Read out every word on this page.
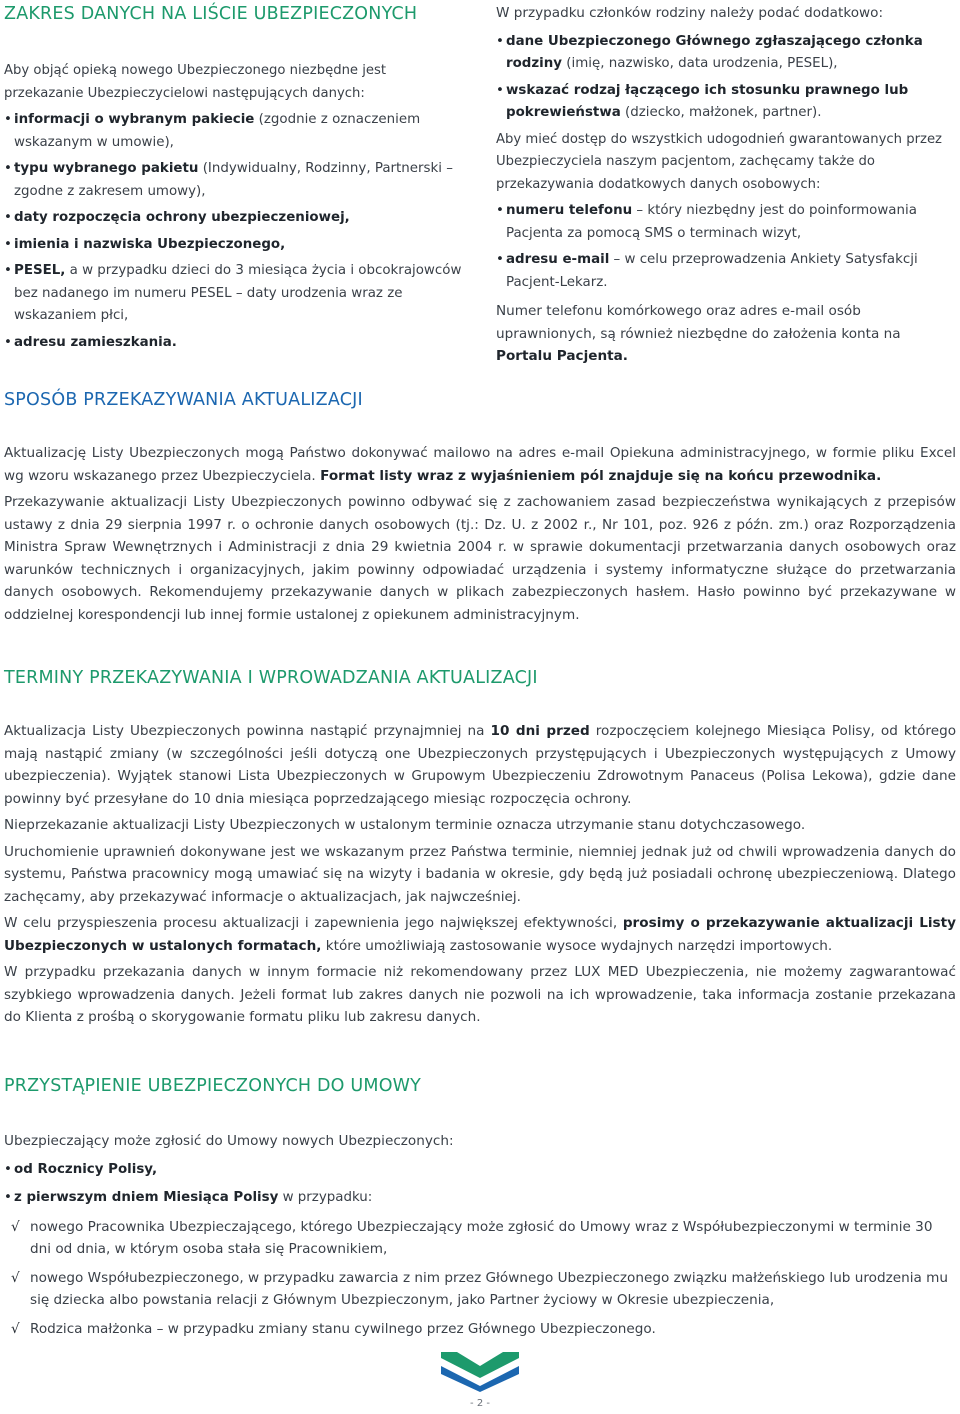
ZAKRES DANYCH NA LIŚCIE UBEZPIECZONYCH

Aby objąć opieką nowego Ubezpieczonego niezbędne jest przekazanie Ubezpieczycielowi następujących danych:

• informacji o wybranym pakiecie (zgodnie z oznaczeniem wskazanym w umowie),
• typu wybranego pakietu (Indywidualny, Rodzinny, Partnerski – zgodne z zakresem umowy),
• daty rozpoczęcia ochrony ubezpieczeniowej,
• imienia i nazwiska Ubezpieczonego,
• PESEL, a w przypadku dzieci do 3 miesiąca życia i obcokrajowców bez nadanego im numeru PESEL – daty urodzenia wraz ze wskazaniem płci,
• adresu zamieszkania.

W przypadku członków rodziny należy podać dodatkowo:

• dane Ubezpieczonego Głównego zgłaszającego członka rodziny (imię, nazwisko, data urodzenia, PESEL),
• wskazać rodzaj łączącego ich stosunku prawnego lub pokrewieństwa (dziecko, małżonek, partner).

Aby mieć dostęp do wszystkich udogodnień gwarantowanych przez Ubezpieczyciela naszym pacjentom, zachęcamy także do przekazywania dodatkowych danych osobowych:

• numeru telefonu – który niezbędny jest do poinformowania Pacjenta za pomocą SMS o terminach wizyt,
• adresu e-mail – w celu przeprowadzenia Ankiety Satysfakcji Pacjent-Lekarz.

Numer telefonu komórkowego oraz adres e-mail osób uprawnionych, są również niezbędne do założenia konta na Portalu Pacjenta.

SPOSÓB PRZEKAZYWANIA AKTUALIZACJI

Aktualizację Listy Ubezpieczonych mogą Państwo dokonywać mailowo na adres e-mail Opiekuna administracyjnego, w formie pliku Excel wg wzoru wskazanego przez Ubezpieczyciela. Format listy wraz z wyjaśnieniem pól znajduje się na końcu przewodnika.

Przekazywanie aktualizacji Listy Ubezpieczonych powinno odbywać się z zachowaniem zasad bezpieczeństwa wynikających z przepisów ustawy z dnia 29 sierpnia 1997 r. o ochronie danych osobowych (tj.: Dz. U. z 2002 r., Nr 101, poz. 926 z późn. zm.) oraz Rozporządzenia Ministra Spraw Wewnętrznych i Administracji z dnia 29 kwietnia 2004 r. w sprawie dokumentacji przetwarzania danych osobowych oraz warunków technicznych i organizacyjnych, jakim powinny odpowiadać urządzenia i systemy informatyczne służące do przetwarzania danych osobowych. Rekomendujemy przekazywanie danych w plikach zabezpieczonych hasłem. Hasło powinno być przekazywane w oddzielnej korespondencji lub innej formie ustalonej z opiekunem administracyjnym.

TERMINY PRZEKAZYWANIA I WPROWADZANIA AKTUALIZACJI

Aktualizacja Listy Ubezpieczonych powinna nastąpić przynajmniej na 10 dni przed rozpoczęciem kolejnego Miesiąca Polisy, od którego mają nastąpić zmiany (w szczególności jeśli dotyczą one Ubezpieczonych przystępujących i Ubezpieczonych występujących z Umowy ubezpieczenia). Wyjątek stanowi Lista Ubezpieczonych w Grupowym Ubezpieczeniu Zdrowotnym Panaceus (Polisa Lekowa), gdzie dane powinny być przesyłane do 10 dnia miesiąca poprzedzającego miesiąc rozpoczęcia ochrony.

Nieprzekazanie aktualizacji Listy Ubezpieczonych w ustalonym terminie oznacza utrzymanie stanu dotychczasowego.

Uruchomienie uprawnień dokonywane jest we wskazanym przez Państwa terminie, niemniej jednak już od chwili wprowadzenia danych do systemu, Państwa pracownicy mogą umawiać się na wizyty i badania w okresie, gdy będą już posiadali ochronę ubezpieczeniową. Dlatego zachęcamy, aby przekazywać informacje o aktualizacjach, jak najwcześniej.

W celu przyspieszenia procesu aktualizacji i zapewnienia jego największej efektywności, prosimy o przekazywanie aktualizacji Listy Ubezpieczonych w ustalonych formatach, które umożliwiają zastosowanie wysoce wydajnych narzędzi importowych.

W przypadku przekazania danych w innym formacie niż rekomendowany przez LUX MED Ubezpieczenia, nie możemy zagwarantować szybkiego wprowadzenia danych. Jeżeli format lub zakres danych nie pozwoli na ich wprowadzenie, taka informacja zostanie przekazana do Klienta z prośbą o skorygowanie formatu pliku lub zakresu danych.

PRZYSTĄPIENIE UBEZPIECZONYCH DO UMOWY

Ubezpieczający może zgłosić do Umowy nowych Ubezpieczonych:

• od Rocznicy Polisy,
• z pierwszym dniem Miesiąca Polisy w przypadku:
√ nowego Pracownika Ubezpieczającego, którego Ubezpieczający może zgłosić do Umowy wraz z Współubezpieczonymi w terminie 30 dni od dnia, w którym osoba stała się Pracownikiem,
√ nowego Współubezpieczonego, w przypadku zawarcia z nim przez Głównego Ubezpieczonego związku małżeńskiego lub urodzenia mu się dziecka albo powstania relacji z Głównym Ubezpieczonym, jako Partner życiowy w Okresie ubezpieczenia,
√ Rodzica małżonka – w przypadku zmiany stanu cywilnego przez Głównego Ubezpieczonego.
- 2 -
